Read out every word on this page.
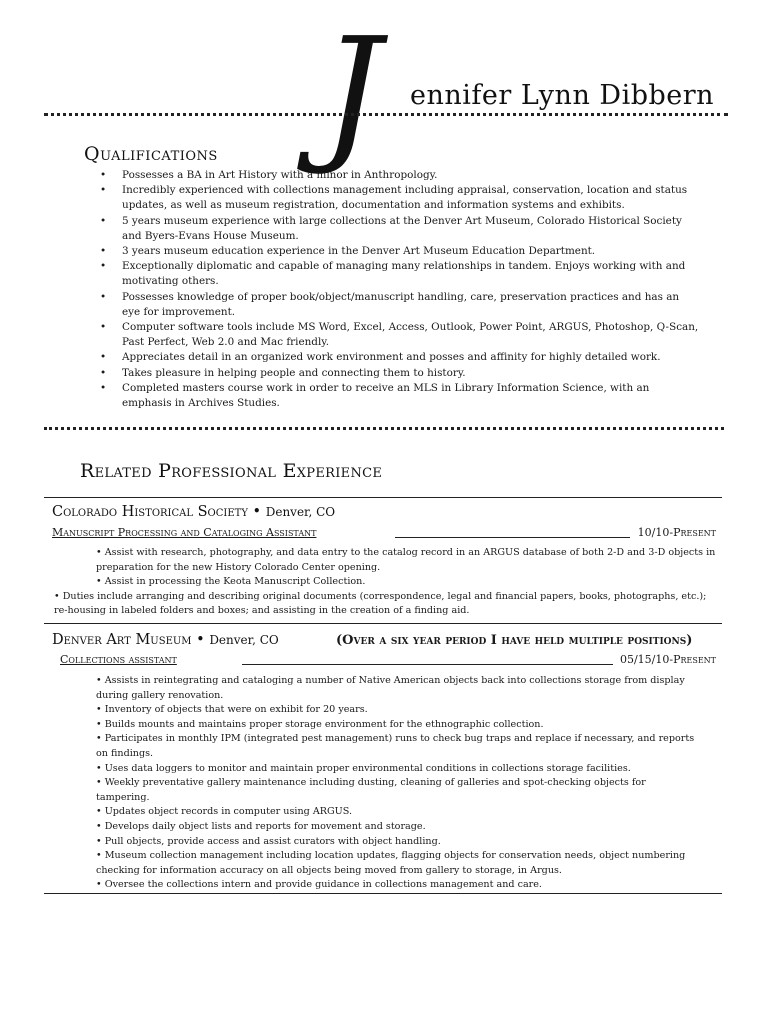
J ennifer Lynn Dibbern
Qualifications
• Possesses a BA in Art History with a minor in Anthropology.
• Incredibly experienced with collections management including appraisal, conservation, location and status updates, as well as museum registration, documentation and information systems and exhibits.
• 5 years museum experience with large collections at the Denver Art Museum, Colorado Historical Society and Byers-Evans House Museum.
• 3 years museum education experience in the Denver Art Museum Education Department.
• Exceptionally diplomatic and capable of managing many relationships in tandem. Enjoys working with and motivating others.
• Possesses knowledge of proper book/object/manuscript handling, care, preservation practices and has an eye for improvement.
• Computer software tools include MS Word, Excel, Access, Outlook, Power Point, ARGUS, Photoshop, Q-Scan, Past Perfect, Web 2.0 and Mac friendly.
• Appreciates detail in an organized work environment and posses and affinity for highly detailed work.
• Takes pleasure in helping people and connecting them to history.
• Completed masters course work in order to receive an MLS in Library Information Science, with an emphasis in Archives Studies.
Related Professional Experience
Colorado Historical Society • Denver, CO
Manuscript Processing and Cataloging Assistant	10/10-Present
• Assist with research, photography, and data entry to the catalog record in an ARGUS database of both 2-D and 3-D objects in preparation for the new History Colorado Center opening.
• Assist in processing the Keota Manuscript Collection.
• Duties include arranging and describing original documents (correspondence, legal and financial papers, books, photographs, etc.); re-housing in labeled folders and boxes; and assisting in the creation of a finding aid.
Denver Art Museum • Denver, CO	(Over a six year period I have held multiple positions)
Collections assistant	05/15/10-Present
• Assists in reintegrating and cataloging a number of Native American objects back into collections storage from display during gallery renovation.
• Inventory of objects that were on exhibit for 20 years.
• Builds mounts and maintains proper storage environment for the ethnographic collection.
• Participates in monthly IPM (integrated pest management) runs to check bug traps and replace if necessary, and reports on findings.
• Uses data loggers to monitor and maintain proper environmental conditions in collections storage facilities.
• Weekly preventative gallery maintenance including dusting, cleaning of galleries and spot-checking objects for tampering.
• Updates object records in computer using ARGUS.
• Develops daily object lists and reports for movement and storage.
• Pull objects, provide access and assist curators with object handling.
• Museum collection management including location updates, flagging objects for conservation needs, object numbering checking for information accuracy on all objects being moved from gallery to storage, in Argus.
• Oversee the collections intern and provide guidance in collections management and care.
